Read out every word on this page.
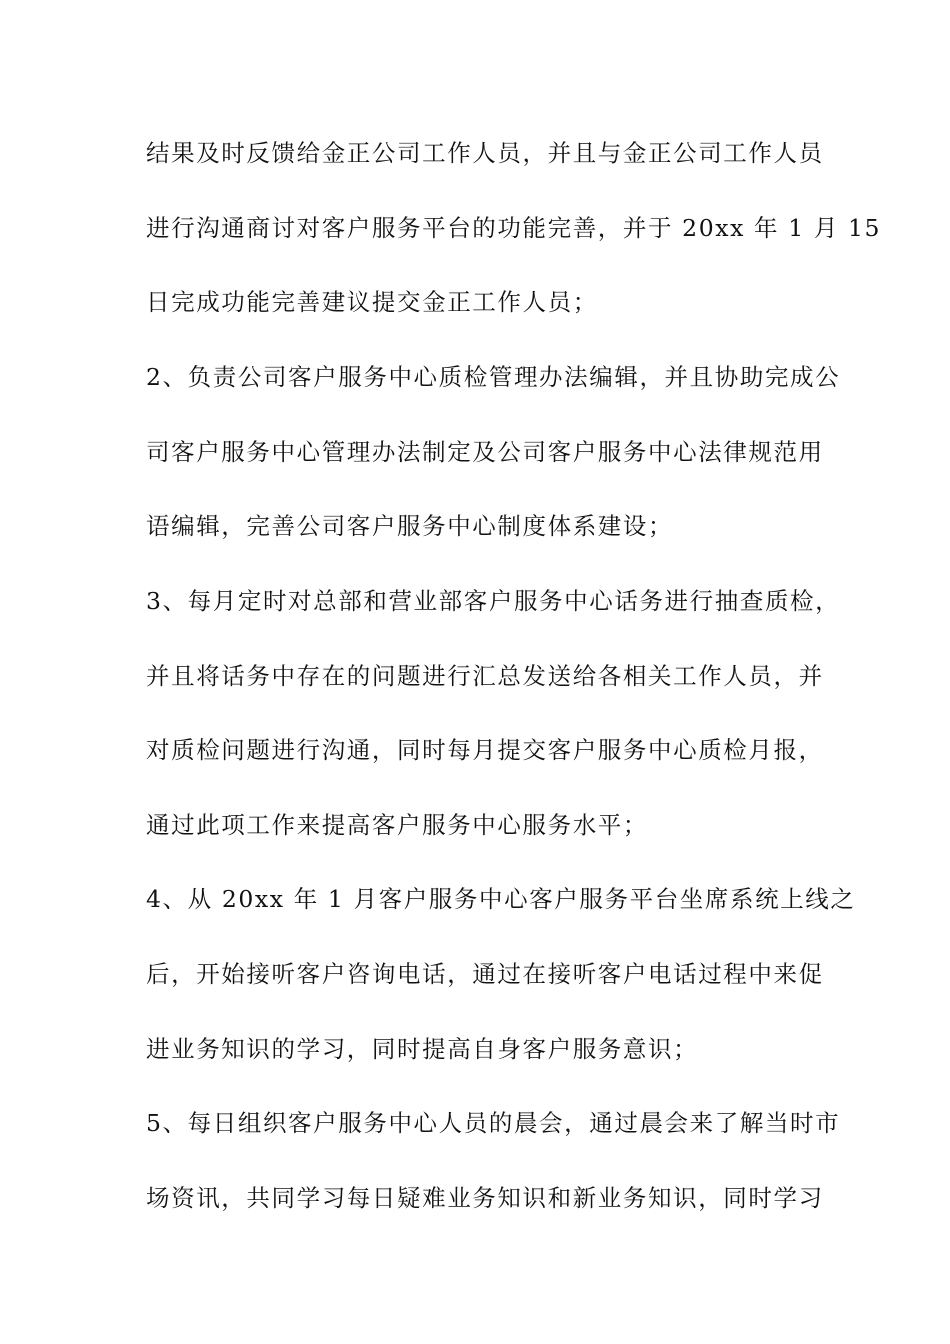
结果及时反馈给金正公司工作人员，并且与金正公司工作人员
进行沟通商讨对客户服务平台的功能完善，并于 20xx 年 1 月 15
日完成功能完善建议提交金正工作人员；
2、负责公司客户服务中心质检管理办法编辑，并且协助完成公
司客户服务中心管理办法制定及公司客户服务中心法律规范用
语编辑，完善公司客户服务中心制度体系建设；
3、每月定时对总部和营业部客户服务中心话务进行抽查质检，
并且将话务中存在的问题进行汇总发送给各相关工作人员，并
对质检问题进行沟通，同时每月提交客户服务中心质检月报，
通过此项工作来提高客户服务中心服务水平；
4、从 20xx 年 1 月客户服务中心客户服务平台坐席系统上线之
后，开始接听客户咨询电话，通过在接听客户电话过程中来促
进业务知识的学习，同时提高自身客户服务意识；
5、每日组织客户服务中心人员的晨会，通过晨会来了解当时市
场资讯，共同学习每日疑难业务知识和新业务知识，同时学习
